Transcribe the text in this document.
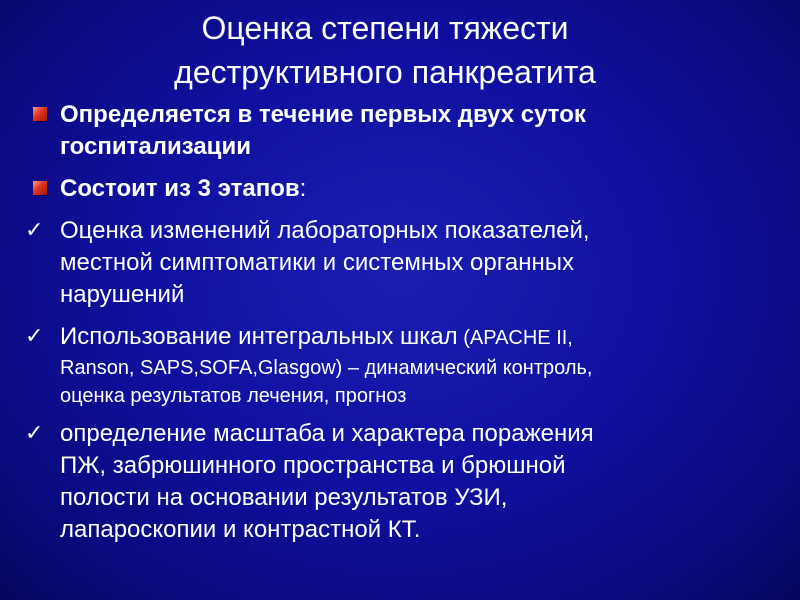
Оценка степени тяжести
деструктивного панкреатита
Определяется в течение первых двух суток
госпитализации
Состоит из 3 этапов:
✓ Оценка изменений лабораторных показателей,
местной симптоматики и системных органных
нарушений
✓ Использование интегральных шкал (APACHE II,
Ranson, SAPS,SOFA,Glasgow) – динамический контроль,
оценка результатов лечения, прогноз
✓ определение масштаба и характера поражения
ПЖ, забрюшинного пространства и брюшной
полости на основании результатов УЗИ,
лапароскопии и контрастной КТ.
